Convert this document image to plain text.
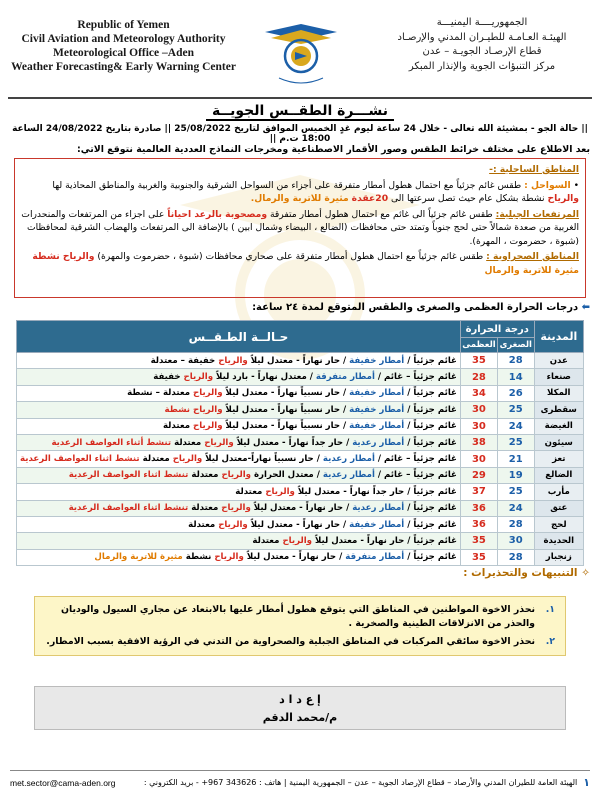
Republic of Yemen
Civil Aviation and Meteorology Authority
Meteorological Office –Aden
Weather Forecasting& Early Warning Center
الجمهوريــــة اليمنيـــة
الهيئـة العـامـة للطيـران المدني والإرصـاد
قطاع الإرصـاد الجويـة – عدن
مركز التنبؤات الجوية والإنذار المبكر
نشـــرة الطقــس الجويــة
|| حالة الجو - بمشيئة الله تعالى - خلال 24 ساعة ليوم غدٍ الخميس الموافق لتاريخ 25/08/2022 || صادرة بتاريخ 24/08/2022 الساعة 18:00 ت.م ||
بعد الاطلاع على مختلف خرائط الطقس وصور الأقمار الاصطناعية ومخرجات النماذج العددية العالمية نتوقع الاتي:
المناطق الساحلية :-
• السواحل : طقس غائم جزئياً مع احتمال هطول أمطار متفرقة على أجزاء من السواحل الشرقية والجنوبية والغربية والمناطق المحاذية لها والرياح نشطة بشكل عام حيث تصل سرعتها الى 20عقدة مثيرة للاتربة والرمال.
المرتفعات الجبلية: طقس غائم جزئياً الى غائم مع احتمال هطول أمطار متفرقة ومصحوبة بالرعد احياناً على اجزاء من المرتفعات والمنحدرات الغربية من صعدة شمالاً حتى لحج جنوباً وتمتد حتى محافظات (الضالع ، البيضاء وشمال ابين ) بالإضافة الى المرتفعات والهضاب الشرقية لمحافظات (شبوة ، حضرموت ، المهرة).
المناطق الصحراوية : طقس غائم جزئياً مع احتمال هطول أمطار متفرقة على صحاري محافظات (شبوة ، حضرموت والمهرة) والرياح نشطة مثيرة للاتربة والرمال
⬅ درجات الحرارة العظمى والصغرى والطقس المتوقع لمدة ٢٤ ساعة:
المدينة	درجة الحرارة		حـالــة الطـقــس
	الصغرى	العظمى	
عدن	28	35	غائم جزئياً / أمطار خفيفة / حار نهاراً - معتدل ليلاً والرياح خفيفة – معتدلة
صنعاء	14	28	غائم جزئياً – غائم / أمطار متفرقة / معتدل نهاراً - بارد ليلاً والرياح خفيفة
المكلا	26	34	غائم جزئياً / أمطار خفيفة / حار نسبياً نهاراً - معتدل ليلاً والرياح معتدلة – نشطة
سقطرى	25	30	غائم جزئياً / أمطار خفيفة / حار نسبياً نهاراً - معتدل ليلاً والرياح نشطة
الغيضة	24	30	غائم جزئياً / أمطار خفيفة / حار نسبياً نهاراً - معتدل ليلاً والرياح معتدلة
سيئون	25	38	غائم جزئياً / أمطار رعدية / حار جداً نهاراً - معتدل ليلاً والرياح معتدلة تنشط أثناء العواصف الرعدية
تعز	21	30	غائم جزئياً – غائم / أمطار رعدية / حار نسبياً نهاراً-معتدل ليلاً والرياح معتدلة تنشط اثناء العواصف الرعدية
الضالع	19	29	غائم جزئياً – غائم / أمطار رعدية / معتدل الحرارة والرياح معتدلة تنشط اثناء العواصف الرعدية
مأرب	25	37	غائم جزئياً / حار جداً نهاراً - معتدل ليلاً والرياح معتدلة
عتق	24	36	غائم جزئياً / أمطار رعدية / حار نهاراً - معتدل ليلاً والرياح معتدلة تنشط اثناء العواصف الرعدية
لحج	28	36	غائم جزئياً / أمطار خفيفة / حار نهاراً - معتدل ليلاً والرياح معتدلة
الحديدة	30	35	غائم جزئياً / حار نهاراً - معتدل ليلاً والرياح معتدلة
زنجبار	28	35	غائم جزئياً / أمطار متفرقة / حار نهاراً - معتدل ليلاً والرياح نشطة مثيرة للاتربة والرمال
✧ التنبيهات والتحذيرات :
١.
نحذر الاخوة المواطنين في المناطق التي يتوقع هطول أمطار عليها بالابتعاد عن مجاري السيول والوديان والحذر من الانزلاقات الطينية والصخرية .
٢.
نحذر الاخوة سائقي المركبات في المناطق الجبلية والصحراوية من التدني في الرؤية الافقية بسبب الامطار.
إ ع د ا د
م/محمد الدقم
١
الهيئة العامة للطيران المدني والأرصاد – قطاع الإرصاد الجوية – عدن – الجمهورية اليمنية | هاتف : 343626 967+ - بريد الكتروني :
met.sector@cama-aden.org
